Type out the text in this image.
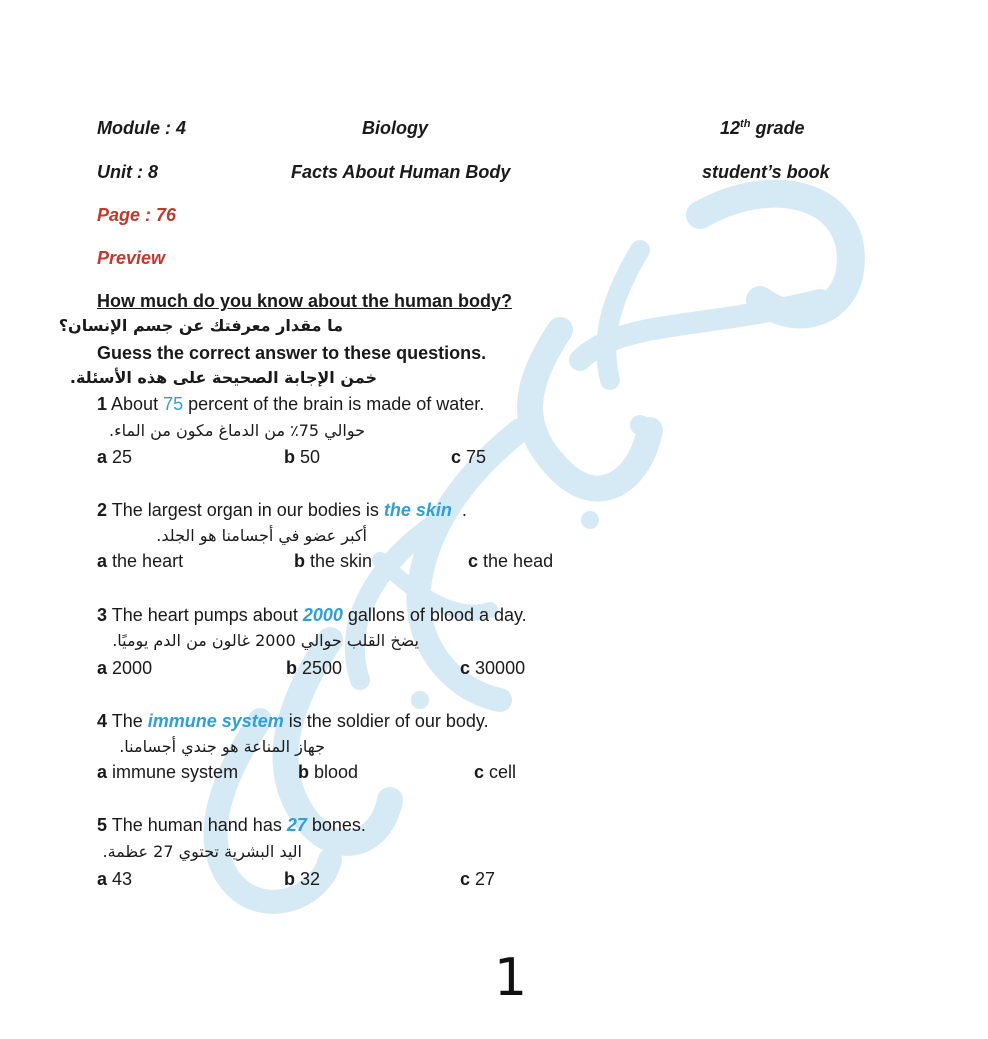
Module : 4	Biology	12th grade
Unit : 8	Facts About Human Body	student’s book
Page : 76
Preview
How much do you know about the human body?
ما مقدار معرفتك عن جسم الإنسان؟
Guess the correct answer to these questions.
خمن الإجابة الصحيحة على هذه الأسئلة.
1 About 75 percent of the brain is made of water.
حوالي 75٪ من الدماغ مكون من الماء.
a 25	b 50	c 75
2 The largest organ in our bodies is the skin  .
أكبر عضو في أجسامنا هو الجلد.
a the heart	b the skin	c the head
3 The heart pumps about 2000 gallons of blood a day.
يضخ القلب حوالي 2000 غالون من الدم يوميًا.
a 2000	b 2500	c 30000
4 The immune system is the soldier of our body.
جهاز المناعة هو جندي أجسامنا.
a immune system	b blood	c cell
5 The human hand has 27 bones.
اليد البشرية تحتوي 27 عظمة.
a 43	b 32	c 27
1
